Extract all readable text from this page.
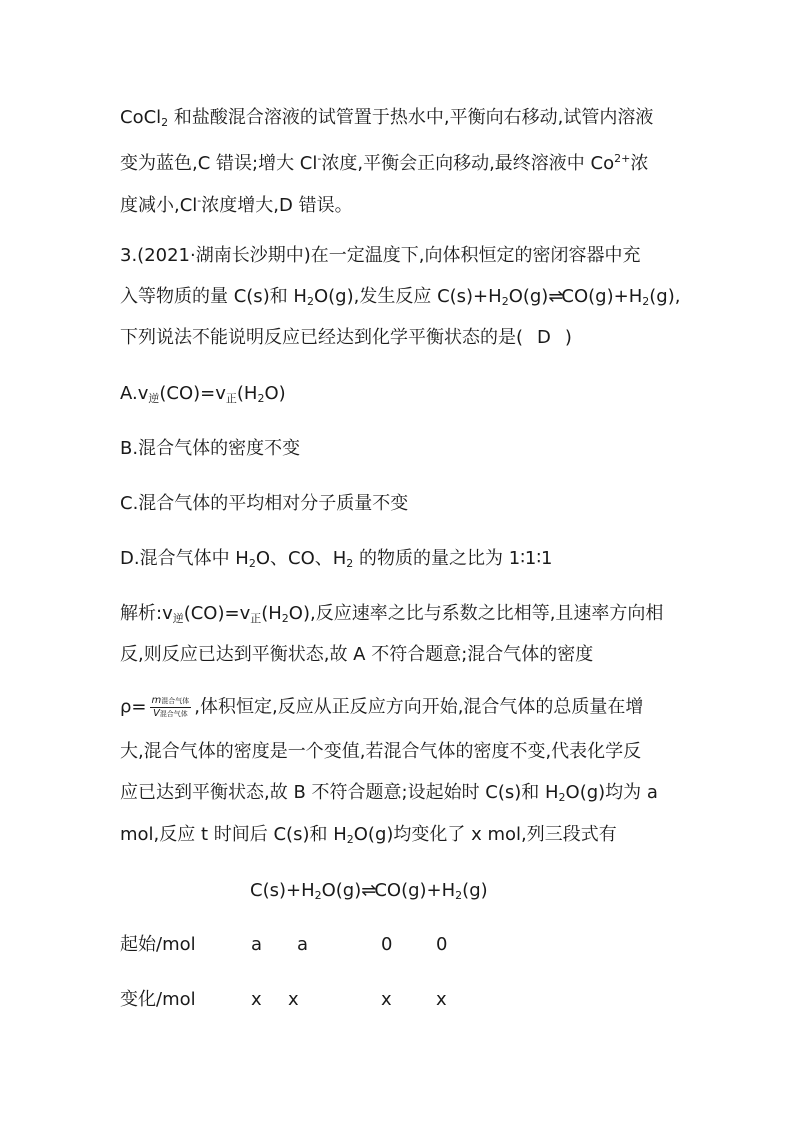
CoCl$_2$ 和盐酸混合溶液的试管置于热水中,平衡向右移动,试管内溶液
变为蓝色,C 错误;增大 Cl-浓度,平衡会正向移动,最终溶液中 $Co^{2+}$浓
度减小,Cl-浓度增大,D 错误。
3.(2021·湖南长沙期中)在一定温度下,向体积恒定的密闭容器中充
入等物质的量 C(s)和 $H_2O(g)$,发生反应 $C(s)+H_2O(g)\rightleftharpoons CO(g)+H_2(g)$,
下列说法不能说明反应已经达到化学平衡状态的是( D )
$A.v_逆(CO)=v_正(H_2O)$
B.混合气体的密度不变
C.混合气体的平均相对分子质量不变
D.混合气体中 $H_2O$、CO、$H_2$ 的物质的量之比为 1∶1∶1
解析$:v_逆(CO)=v_正(H_2O)$,反应速率之比与系数之比相等,且速率方向相
反,则反应已达到平衡状态,故 A 不符合题意;混合气体的密度
$\rho= \frac{\text{m混合气体}}{\text{V混合气体}}$ ,体积恒定,反应从正反应方向开始,混合气体的总质量在增
大,混合气体的密度是一个变值,若混合气体的密度不变,代表化学反
应已达到平衡状态,故 B 不符合题意;设起始时 C(s)和 $H_2O(g)$均为 a
mol,反应 t 时间后 C(s)和 $H_2O(g)$均变化了 x mol,列三段式有
$C(s)+H_2O(g)\rightleftharpoons CO(g)+H_2(g)$
起始/mol	a a	0 0
变化/mol	x x	x x
